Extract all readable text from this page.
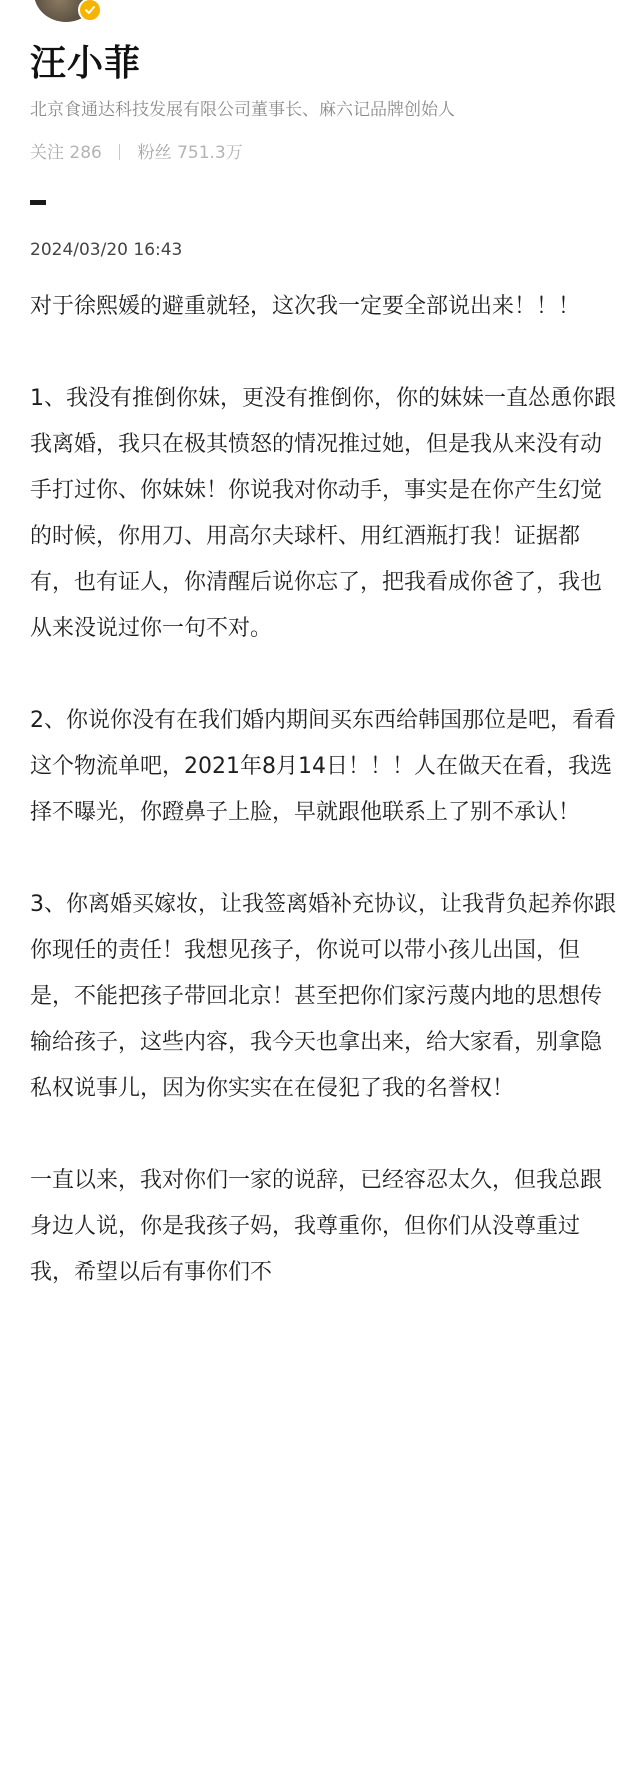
汪小菲
北京食通达科技发展有限公司董事长、麻六记品牌创始人
关注 286 粉丝 751.3万
2024/03/20 16:43

对于徐熙媛的避重就轻，这次我一定要全部说出来！！！

1、我没有推倒你妹，更没有推倒你，你的妹妹一直怂恿你跟我离婚，我只在极其愤怒的情况推过她，但是我从来没有动手打过你、你妹妹！你说我对你动手，事实是在你产生幻觉的时候，你用刀、用高尔夫球杆、用红酒瓶打我！证据都有，也有证人，你清醒后说你忘了，把我看成你爸了，我也从来没说过你一句不对。

2、你说你没有在我们婚内期间买东西给韩国那位是吧，看看这个物流单吧，2021年8月14日！！！人在做天在看，我选择不曝光，你蹬鼻子上脸，早就跟他联系上了别不承认！

3、你离婚买嫁妆，让我签离婚补充协议，让我背负起养你跟你现任的责任！我想见孩子，你说可以带小孩儿出国，但是，不能把孩子带回北京！甚至把你们家污蔑内地的思想传输给孩子，这些内容，我今天也拿出来，给大家看，别拿隐私权说事儿，因为你实实在在侵犯了我的名誉权！

一直以来，我对你们一家的说辞，已经容忍太久，但我总跟身边人说，你是我孩子妈，我尊重你，但你们从没尊重过我，希望以后有事你们不
